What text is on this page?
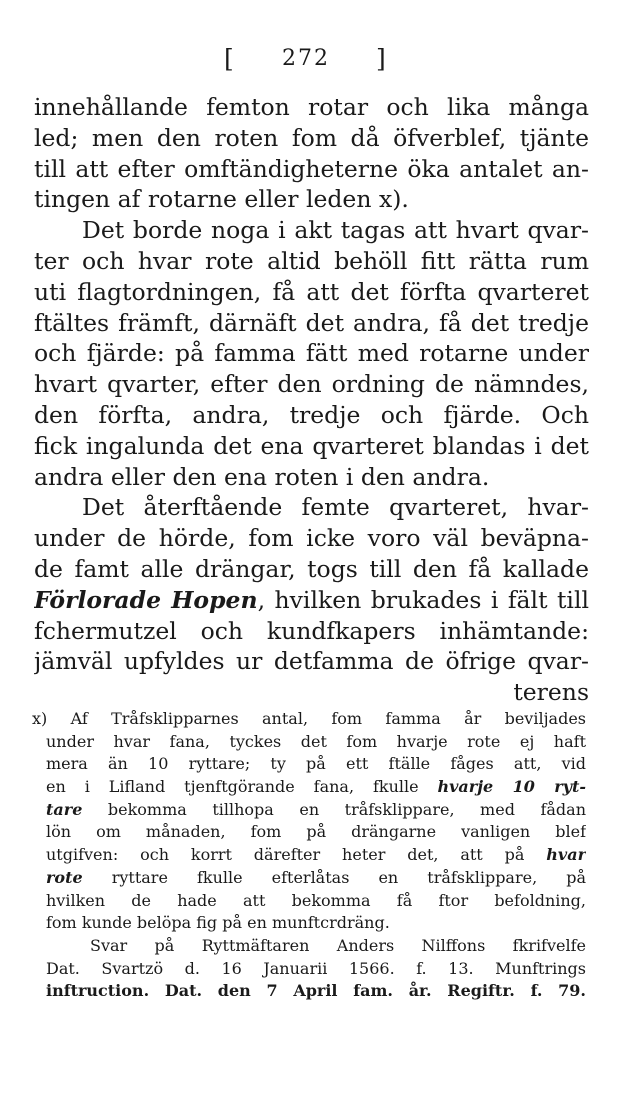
[ 272 ]
innehållande femton rotar och lika många
led; men den roten fom då öfverblef, tjänte
till att efter omftändigheterne öka antalet an-
tingen af rotarne eller leden x).
Det borde noga i akt tagas att hvart qvar-
ter och hvar rote altid behöll fitt rätta rum
uti flagtordningen, få att det förfta qvarteret
ftältes främft, därnäft det andra, få det tredje
och fjärde: på famma fätt med rotarne under
hvart qvarter, efter den ordning de nämndes,
den förfta, andra, tredje och fjärde. Och
fick ingalunda det ena qvarteret blandas i det
andra eller den ena roten i den andra.
Det återftående femte qvarteret, hvar-
under de hörde, fom icke voro väl beväpna-
de famt alle drängar, togs till den få kallade
Förlorade Hopen, hvilken brukades i fält till
fchermutzel och kundfkapers inhämtande:
jämväl upfyldes ur detfamma de öfrige qvar-
terens
x) Af Tråfsklipparnes antal, fom famma år beviljades
under hvar fana, tyckes det fom hvarje rote ej haft
mera än 10 ryttare; ty på ett ftälle fåges att, vid
en i Lifland tjenftgörande fana, fkulle hvarje 10 ryt-
tare bekomma tillhopa en tråfsklippare, med fådan
lön om månaden, fom på drängarne vanligen blef
utgifven: och korrt därefter heter det, att på hvar
rote ryttare fkulle efterlåtas en tråfsklippare, på
hvilken de hade att bekomma få ftor befoldning,
fom kunde belöpa fig på en munftcrdräng.
Svar på Ryttmäftaren Anders Nilffons fkrifvelfe
Dat. Svartzö d. 16 Januarii 1566. f. 13. Munftrings
inftruction. Dat. den 7 April fam. år. Regiftr. f. 79.
